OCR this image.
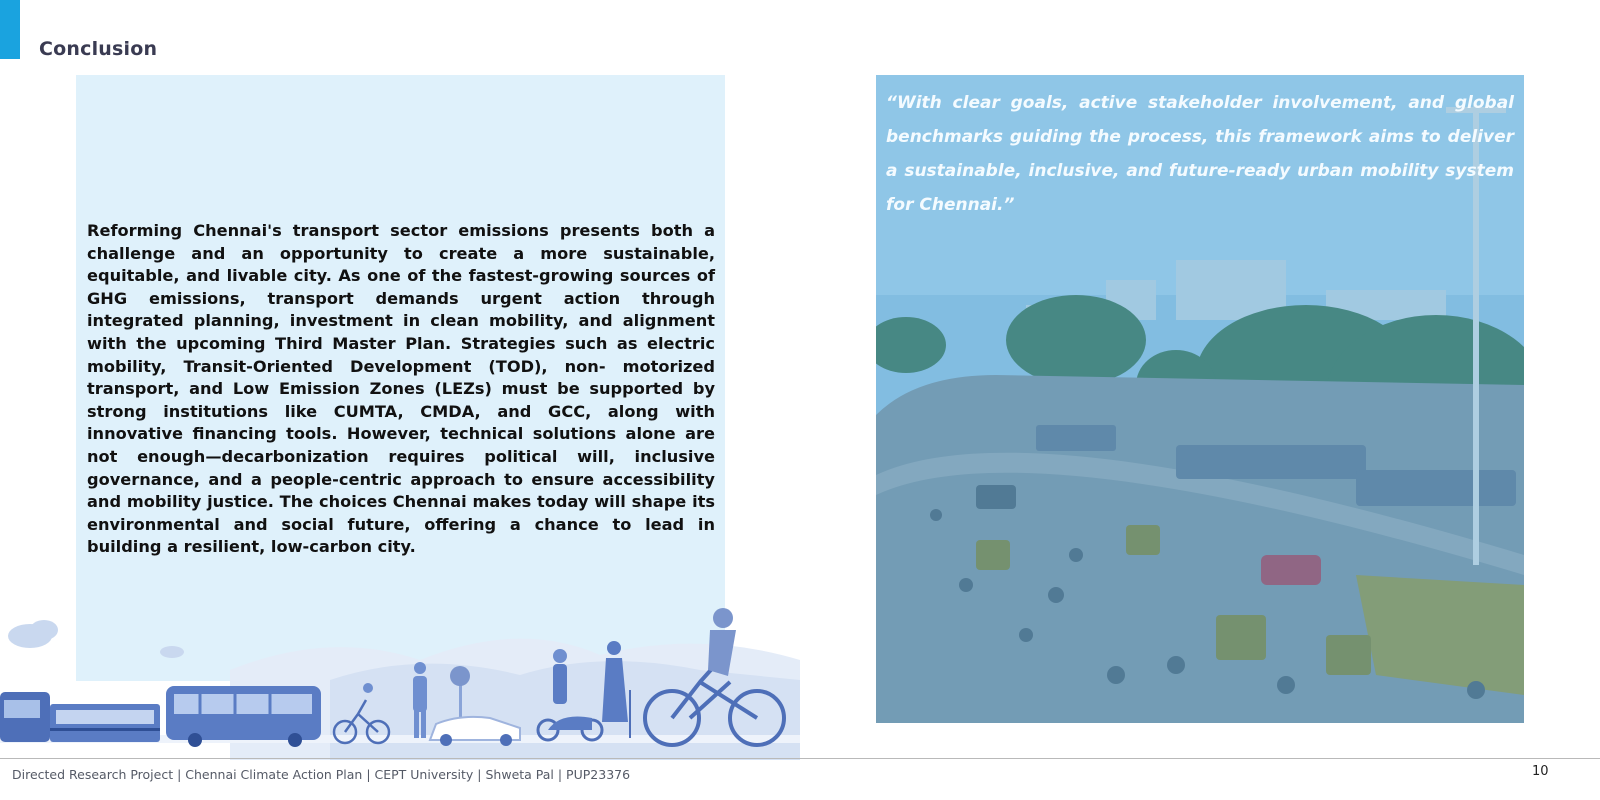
Conclusion

Reforming Chennai's transport sector emissions presents both a challenge and an opportunity to create a more sustainable, equitable, and livable city. As one of the fastest-growing sources of GHG emissions, transport demands urgent action through integrated planning, investment in clean mobility, and alignment with the upcoming Third Master Plan. Strategies such as electric mobility, Transit-Oriented Development (TOD), non- motorized transport, and Low Emission Zones (LEZs) must be supported by strong institutions like CUMTA, CMDA, and GCC, along with innovative financing tools. However, technical solutions alone are not enough—decarbonization requires political will, inclusive governance, and a people-centric approach to ensure accessibility and mobility justice. The choices Chennai makes today will shape its environmental and social future, offering a chance to lead in building a resilient, low-carbon city.

“With clear goals, active stakeholder involvement, and global benchmarks guiding the process, this framework aims to deliver a sustainable, inclusive, and future-ready urban mobility system for Chennai.”

Directed Research Project | Chennai Climate Action Plan | CEPT University | Shweta Pal | PUP23376	10
